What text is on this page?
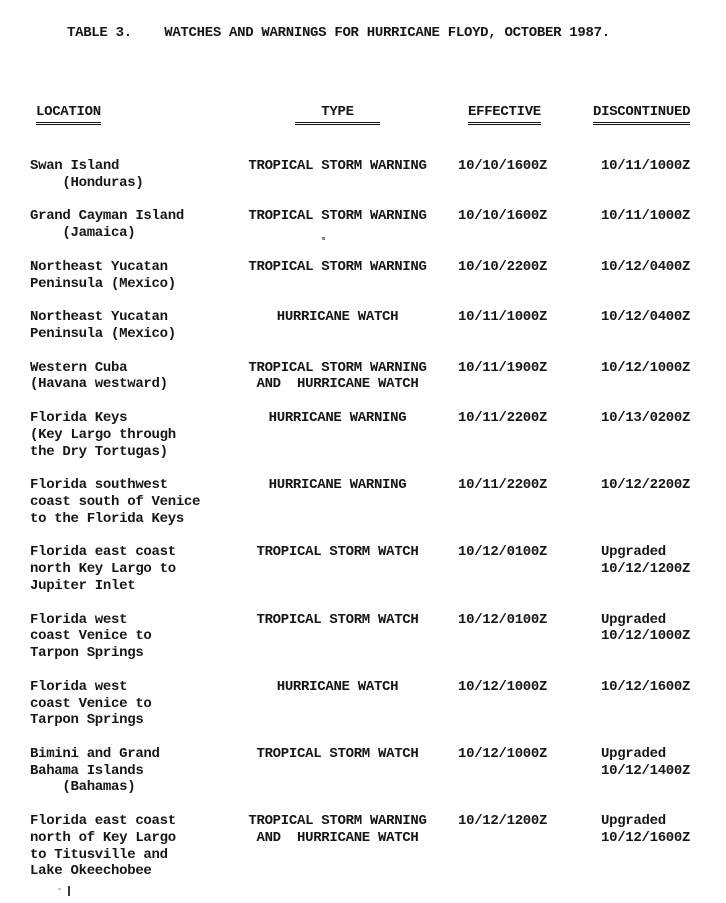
TABLE 3.    WATCHES AND WARNINGS FOR HURRICANE FLOYD, OCTOBER 1987.
LOCATION	TYPE	EFFECTIVE	DISCONTINUED
Swan Island
(Honduras)
TROPICAL STORM WARNING	10/10/1600Z	10/11/1000Z
Grand Cayman Island
(Jamaica)
TROPICAL STORM WARNING	10/10/1600Z	10/11/1000Z
Northeast Yucatan
Peninsula (Mexico)
TROPICAL STORM WARNING	10/10/2200Z	10/12/0400Z
Northeast Yucatan
Peninsula (Mexico)
HURRICANE WATCH	10/11/1000Z	10/12/0400Z
Western Cuba
(Havana westward)
TROPICAL STORM WARNING
AND  HURRICANE WATCH
10/11/1900Z	10/12/1000Z
Florida Keys
(Key Largo through
the Dry Tortugas)
HURRICANE WARNING	10/11/2200Z	10/13/0200Z
Florida southwest
coast south of Venice
to the Florida Keys
HURRICANE WARNING	10/11/2200Z	10/12/2200Z
Florida east coast
north Key Largo to
Jupiter Inlet
TROPICAL STORM WATCH	10/12/0100Z	Upgraded
10/12/1200Z
Florida west
coast Venice to
Tarpon Springs
TROPICAL STORM WATCH	10/12/0100Z	Upgraded
10/12/1000Z
Florida west
coast Venice to
Tarpon Springs
HURRICANE WATCH	10/12/1000Z	10/12/1600Z
Bimini and Grand
Bahama Islands
(Bahamas)
TROPICAL STORM WATCH	10/12/1000Z	Upgraded
10/12/1400Z
Florida east coast
north of Key Largo
to Titusville and
Lake Okeechobee
TROPICAL STORM WARNING
AND  HURRICANE WATCH
10/12/1200Z	Upgraded
10/12/1600Z
